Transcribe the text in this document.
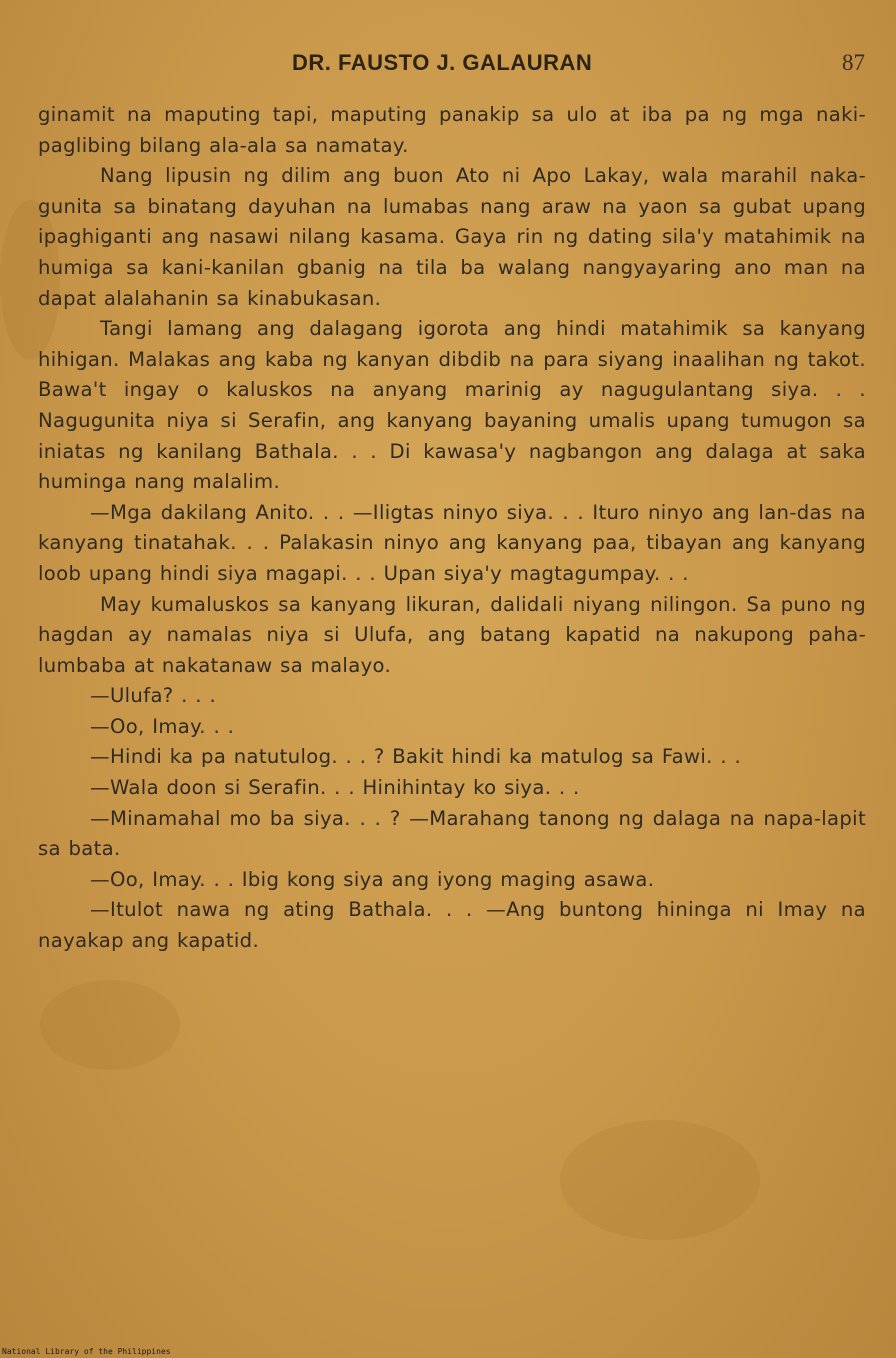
DR. FAUSTO J. GALAURAN	87

ginamit na maputing tapi, maputing panakip sa ulo at iba pa ng mga naki-paglibing bilang ala-ala sa namatay.

Nang lipusin ng dilim ang buon Ato ni Apo Lakay, wala marahil naka-gunita sa binatang dayuhan na lumabas nang araw na yaon sa gubat upang ipaghiganti ang nasawi nilang kasama. Gaya rin ng dating sila'y matahimik na humiga sa kani-kanilan gbanig na tila ba walang nangyayaring ano man na dapat alalahanin sa kinabukasan.

Tangi lamang ang dalagang igorota ang hindi matahimik sa kanyang hihigan. Malakas ang kaba ng kanyan dibdib na para siyang inaalihan ng takot. Bawa't ingay o kaluskos na anyang marinig ay nagugulantang siya. . . Nagugunita niya si Serafin, ang kanyang bayaning umalis upang tumugon sa iniatas ng kanilang Bathala. . . Di kawasa'y nagbangon ang dalaga at saka huminga nang malalim.

—Mga dakilang Anito. . . —Iligtas ninyo siya. . . Ituro ninyo ang lan-das na kanyang tinatahak. . . Palakasin ninyo ang kanyang paa, tibayan ang kanyang loob upang hindi siya magapi. . . Upan siya'y magtagumpay. . .

May kumaluskos sa kanyang likuran, dalidali niyang nilingon. Sa puno ng hagdan ay namalas niya si Ulufa, ang batang kapatid na nakupong paha-lumbaba at nakatanaw sa malayo.

—Ulufa? . . .

—Oo, Imay. . .

—Hindi ka pa natutulog. . . ? Bakit hindi ka matulog sa Fawi. . .

—Wala doon si Serafin. . . Hinihintay ko siya. . .

—Minamahal mo ba siya. . . ? —Marahang tanong ng dalaga na napa-lapit sa bata.

—Oo, Imay. . . Ibig kong siya ang iyong maging asawa.

—Itulot nawa ng ating Bathala. . . —Ang buntong hininga ni Imay na nayakap ang kapatid.

National Library of the Philippines
